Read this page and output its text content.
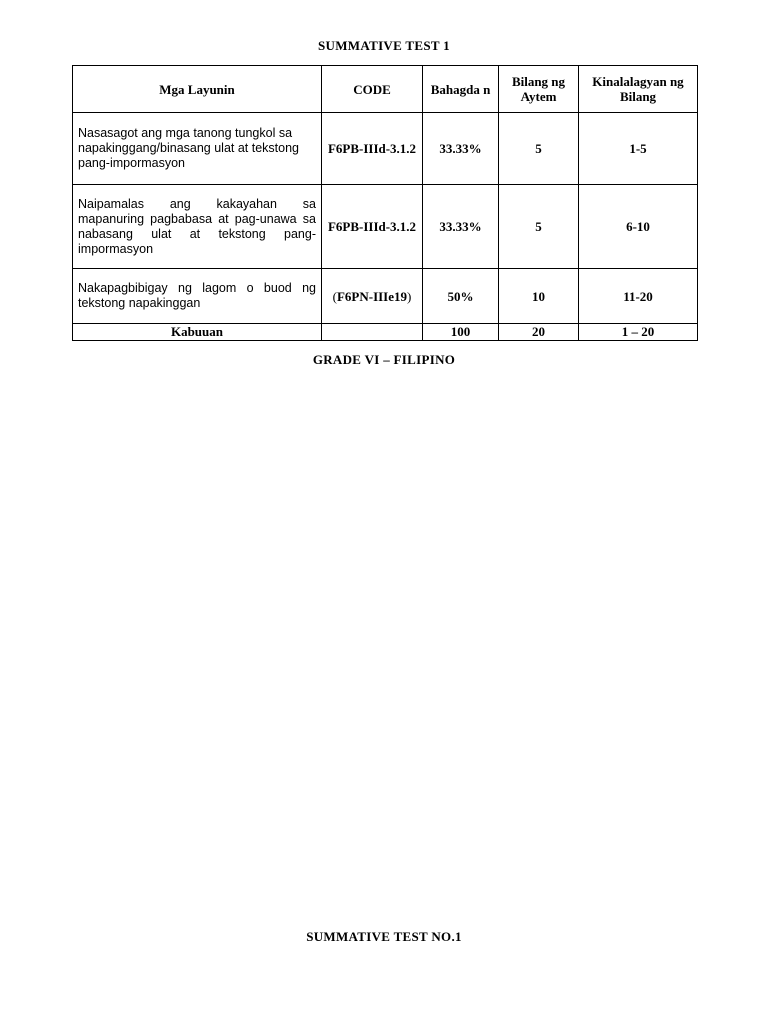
SUMMATIVE TEST 1
Mga Layunin	CODE	Bahagda n	Bilang ng Aytem	Kinalalagyan ng Bilang
Nasasagot ang mga tanong tungkol sa napakinggang/binasang ulat at tekstong pang-impormasyon	F6PB-IIId-3.1.2	33.33%	5	1-5
Naipamalas ang kakayahan sa mapanuring pagbabasa at pag-unawa sa nabasang ulat at tekstong pang-impormasyon	F6PB-IIId-3.1.2	33.33%	5	6-10
Nakapagbibigay ng lagom o buod ng tekstong napakinggan	(F6PN-IIIe19)	50%	10	11-20
Kabuuan		100	20	1 – 20
GRADE VI – FILIPINO
SUMMATIVE TEST NO.1
